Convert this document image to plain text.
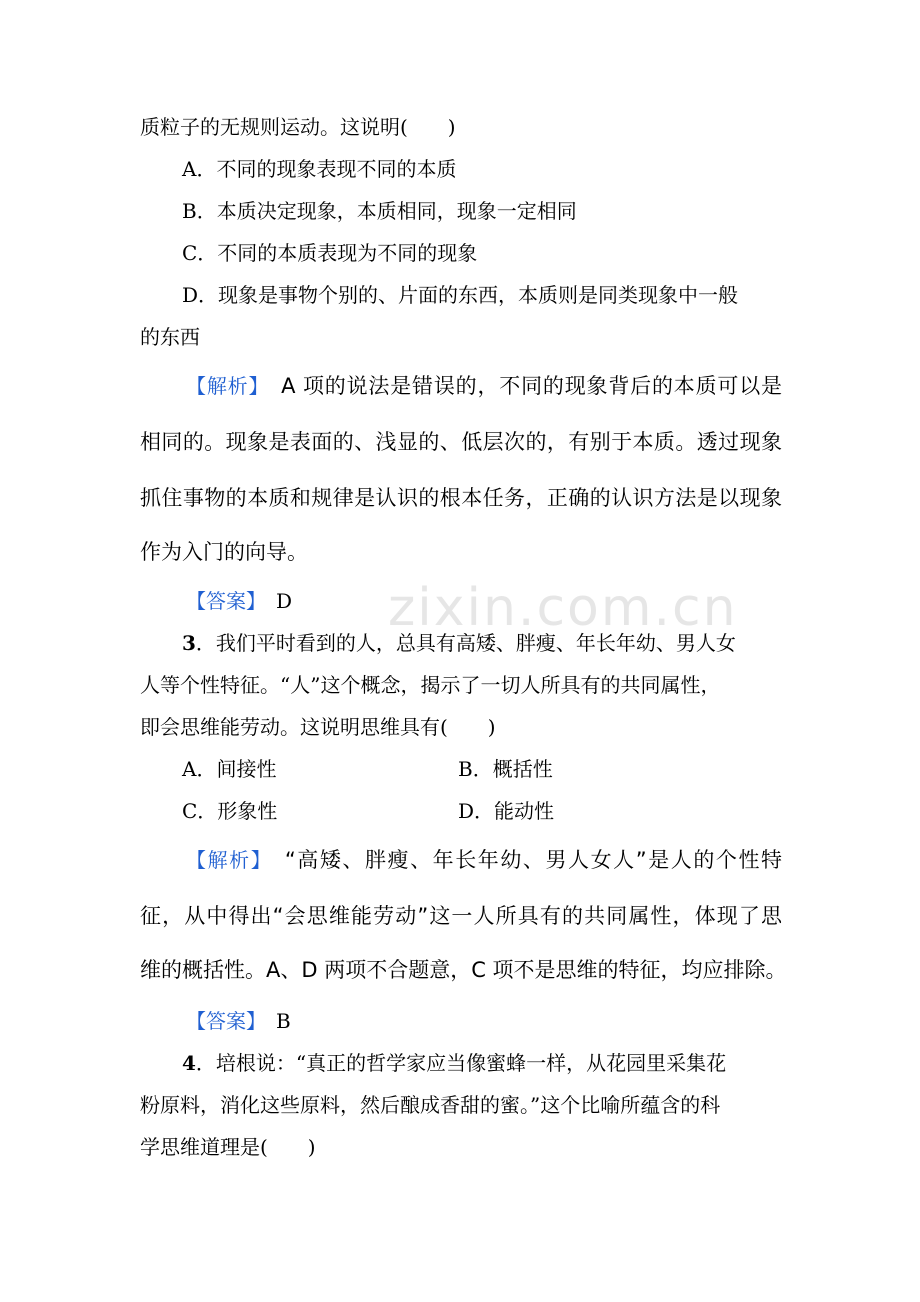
zixin.com.cn
质粒子的无规则运动。这说明(　　)
A．不同的现象表现不同的本质
B．本质决定现象，本质相同，现象一定相同
C．不同的本质表现为不同的现象
D．现象是事物个别的、片面的东西，本质则是同类现象中一般
的东西
【解析】　 A 项的说法是错误的，不同的现象背后的本质可以是
相同的。现象是表面的、浅显的、低层次的，有别于本质。透过现象
抓住事物的本质和规律是认识的根本任务，正确的认识方法是以现象
作为入门的向导。
【答案】　 D
3．我们平时看到的人，总具有高矮、胖瘦、年长年幼、男人女
人等个性特征。“人”这个概念，揭示了一切人所具有的共同属性，
即会思维能劳动。这说明思维具有(　　)
A．间接性	B．概括性
C．形象性	D．能动性
【解析】　 “高矮、胖瘦、年长年幼、男人女人”是人的个性特
征，从中得出“会思维能劳动”这一人所具有的共同属性，体现了思
维的概括性。A、D 两项不合题意，C 项不是思维的特征，均应排除。
【答案】　 B
4．培根说：“真正的哲学家应当像蜜蜂一样，从花园里采集花
粉原料，消化这些原料，然后酿成香甜的蜜。”这个比喻所蕴含的科
学思维道理是(　　)
